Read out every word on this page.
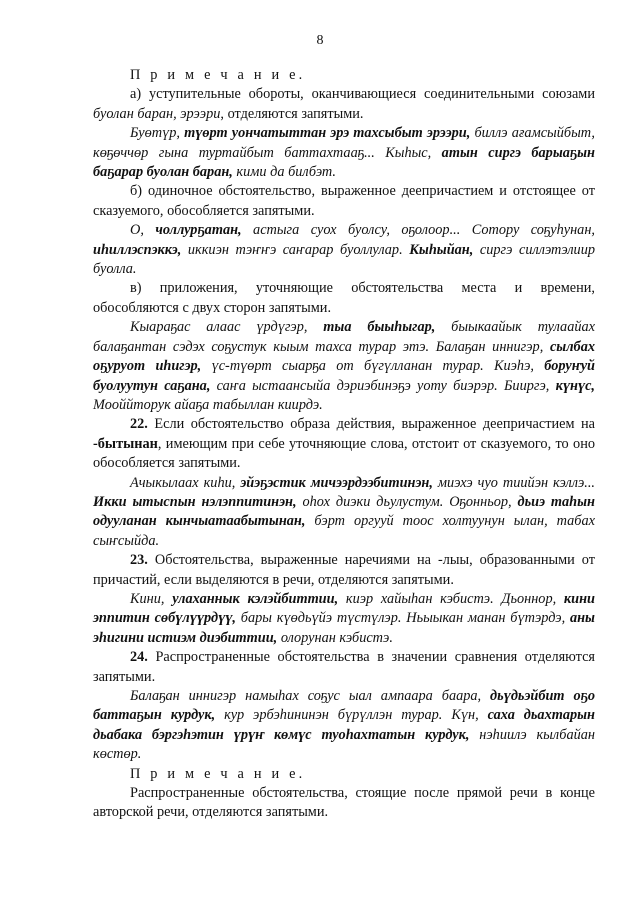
8

П р и м е ч а н и е.

а) уступительные обороты, оканчивающиеся соединительными союзами буолан баран, эрээри, отделяются запятыми.

Буөтүр, түөрт уончатыттан эрэ тахсыбыт эрээри, биллэ ағамсыйбыт, көҕөччөр гына туртайбыт баттахтааҕ... Кыһыс, атын сиргэ барыаҕын баҕарар буолан баран, кими да билбэт.

б) одиночное обстоятельство, выраженное деепричастием и отстоящее от сказуемого, обособляется запятыми.

О, чоллурҕатан, астыга суох буолсу, оҕолоор... Сотору соҕуһунан, иһиллэспэккэ, иккиэн тэҥҥэ саҥарар буоллулар. Кыһыйан, сиргэ силлэтэлиир буолла.

в) приложения, уточняющие обстоятельства места и времени, обособляются с двух сторон запятыми.

Кыараҕас алаас үрдүгэр, тыа быыһыгар, быыкаайык тулаайах балаҕантан сэдэх соҕустук кыым тахса турар этэ. Балаҕан иннигэр, сылбах оҕуруот иһигэр, үс-түөрт сыарҕа от бүгүлланан турар. Киэһэ, боруҥуй буолуутун саҕана, саҥа ыстаансыйа дэриэбинэҕэ уоту биэрэр. Бииргэ, күнүс, Мооййторук айаҕа табыллан киирдэ.

22. Если обстоятельство образа действия, выраженное деепричастием на -бытынан, имеющим при себе уточняющие слова, отстоит от сказуемого, то оно обособляется запятыми.

Ачыкылаах киһи, эйэҕэстик мичээрдээбитинэн, миэхэ чуо тиийэн кэллэ... Икки ытыспын нэлэппитинэн, оһох диэки дьулустум. Оҕонньор, дьиэ таһын одууланан кынчыатаабытынан, бэрт оргууй тоос холтуунун ылан, табах сыҥсыйда.

23. Обстоятельства, выраженные наречиями на -лыы, образованными от причастий, если выделяются в речи, отделяются запятыми.

Кини, улаханнык кэлэйбиттии, киэр хайыһан кэбистэ. Дьоннор, кини эппитин сөбүлүүрдүү, бары күөдьүйэ түстүлэр. Ньыыкан манан бүтэрдэ, аны эһигини истиэм диэбиттии, олорунан кэбистэ.

24. Распространенные обстоятельства в значении сравнения отделяются запятыми.

Балаҕан иннигэр намыһах соҕус ыал ампаара баара, дьүдьэйбит оҕо баттаҕын курдук, кур эрбэһининэн бүрүллэн турар. Күн, саха дьахтарын дьабака бэргэһэтин үрүҥ көмүс туоһахтатын курдук, нэһиилэ кылбайан көстөр.

П р и м е ч а н и е.

Распространенные обстоятельства, стоящие после прямой речи в конце авторской речи, отделяются запятыми.
